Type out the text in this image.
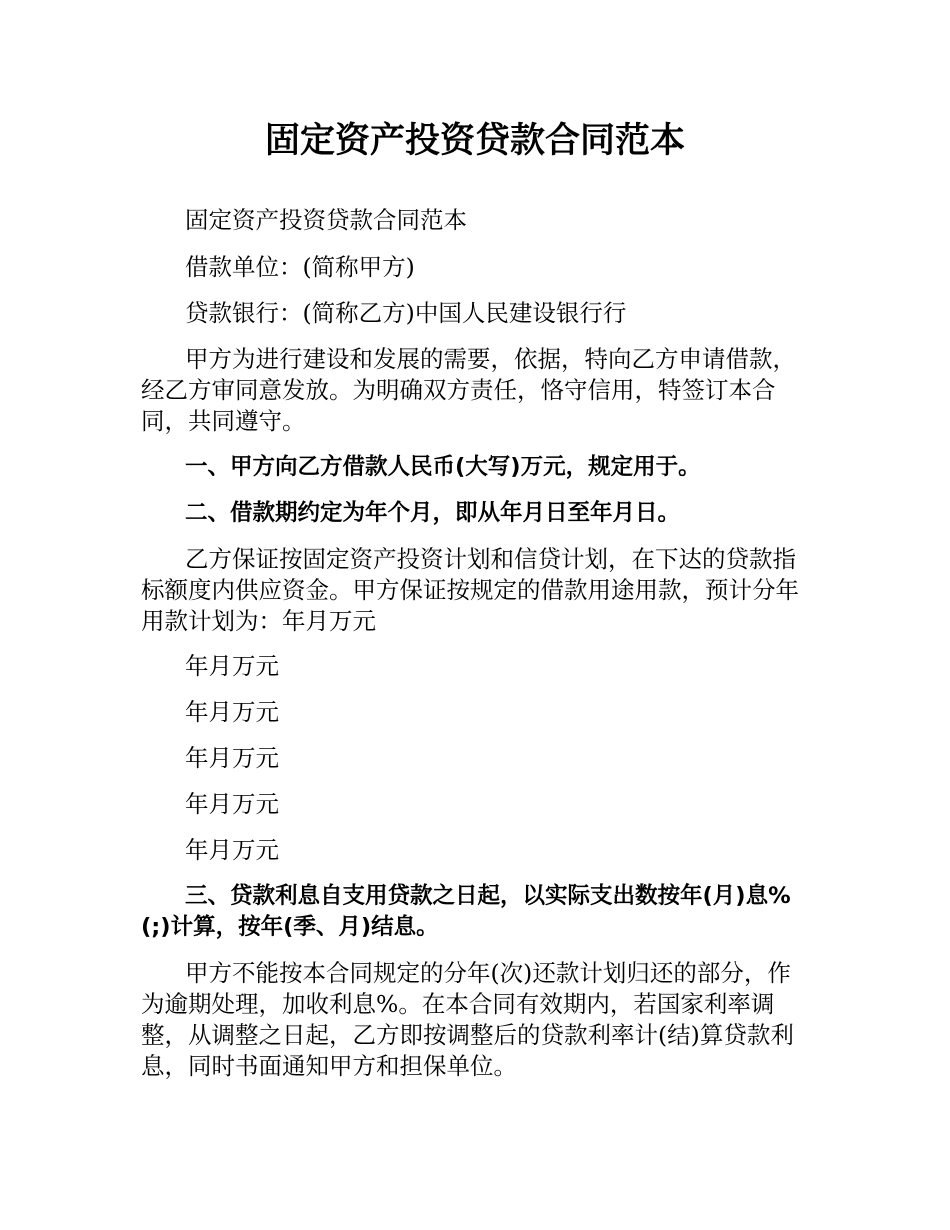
固定资产投资贷款合同范本

固定资产投资贷款合同范本

借款单位：(简称甲方)

贷款银行：(简称乙方)中国人民建设银行行

甲方为进行建设和发展的需要，依据，特向乙方申请借款，经乙方审同意发放。为明确双方责任，恪守信用，特签订本合同，共同遵守。

一、甲方向乙方借款人民币(大写)万元，规定用于。

二、借款期约定为年个月，即从年月日至年月日。

乙方保证按固定资产投资计划和信贷计划，在下达的贷款指标额度内供应资金。甲方保证按规定的借款用途用款，预计分年用款计划为：年月万元

年月万元

年月万元

年月万元

年月万元

年月万元

三、贷款利息自支用贷款之日起，以实际支出数按年(月)息%(;)计算，按年(季、月)结息。

甲方不能按本合同规定的分年(次)还款计划归还的部分，作为逾期处理，加收利息%。在本合同有效期内，若国家利率调整，从调整之日起，乙方即按调整后的贷款利率计(结)算贷款利息，同时书面通知甲方和担保单位。
